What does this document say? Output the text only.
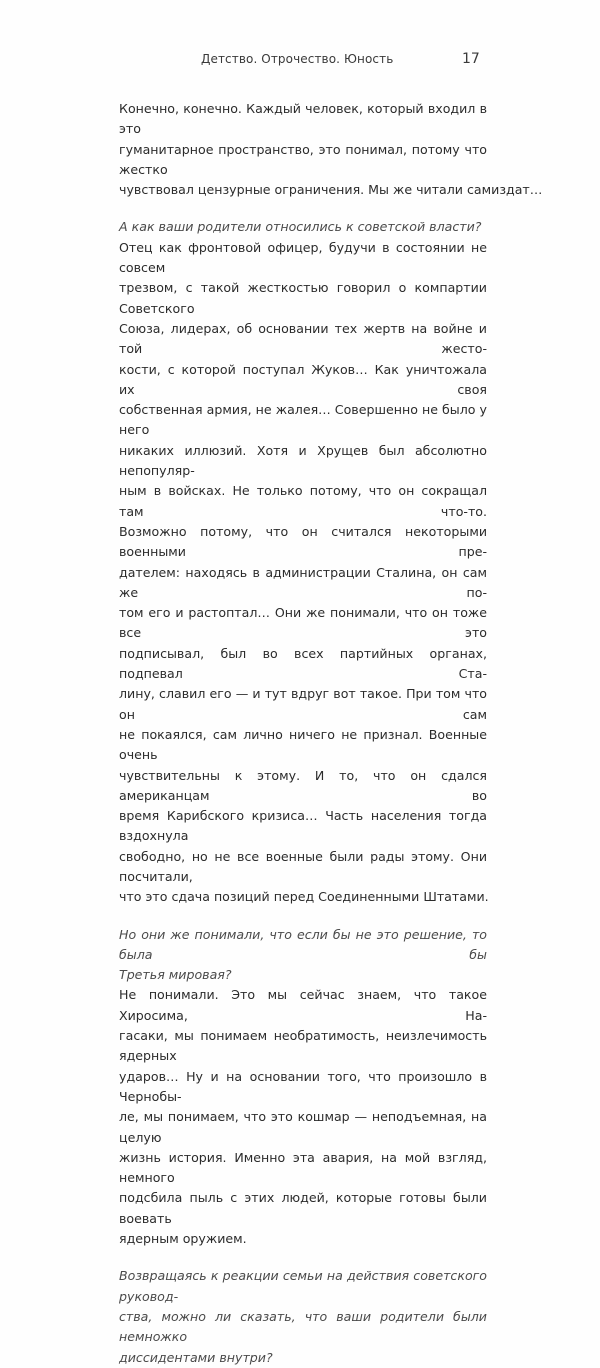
Детство. Отрочество. Юность	17
Конечно, конечно. Каждый человек, который входил в это
гуманитарное пространство, это понимал, потому что жестко
чувствовал цензурные ограничения. Мы же читали самиздат…
А как ваши родители относились к советской власти?
Отец как фронтовой офицер, будучи в состоянии не совсем
трезвом, с такой жесткостью говорил о компартии Советского
Союза, лидерах, об основании тех жертв на войне и той жесто-
кости, с которой поступал Жуков… Как уничтожала их своя
собственная армия, не жалея… Совершенно не было у него
никаких иллюзий. Хотя и Хрущев был абсолютно непопуляр-
ным в войсках. Не только потому, что он сокращал там что-то.
Возможно потому, что он считался некоторыми военными пре-
дателем: находясь в администрации Сталина, он сам же по-
том его и растоптал… Они же понимали, что он тоже все это
подписывал, был во всех партийных органах, подпевал Ста-
лину, славил его — и тут вдруг вот такое. При том что он сам
не покаялся, сам лично ничего не признал. Военные очень
чувствительны к этому. И то, что он сдался американцам во
время Карибского кризиса… Часть населения тогда вздохнула
свободно, но не все военные были рады этому. Они посчитали,
что это сдача позиций перед Соединенными Штатами.
Но они же понимали, что если бы не это решение, то была бы
Третья мировая?
Не понимали. Это мы сейчас знаем, что такое Хиросима, На-
гасаки, мы понимаем необратимость, неизлечимость ядерных
ударов… Ну и на основании того, что произошло в Чернобы-
ле, мы понимаем, что это кошмар — неподъемная, на целую
жизнь история. Именно эта авария, на мой взгляд, немного
подсбила пыль с этих людей, которые готовы были воевать
ядерным оружием.
Возвращаясь к реакции семьи на действия советского руковод-
ства, можно ли сказать, что ваши родители были немножко
диссидентами внутри?
